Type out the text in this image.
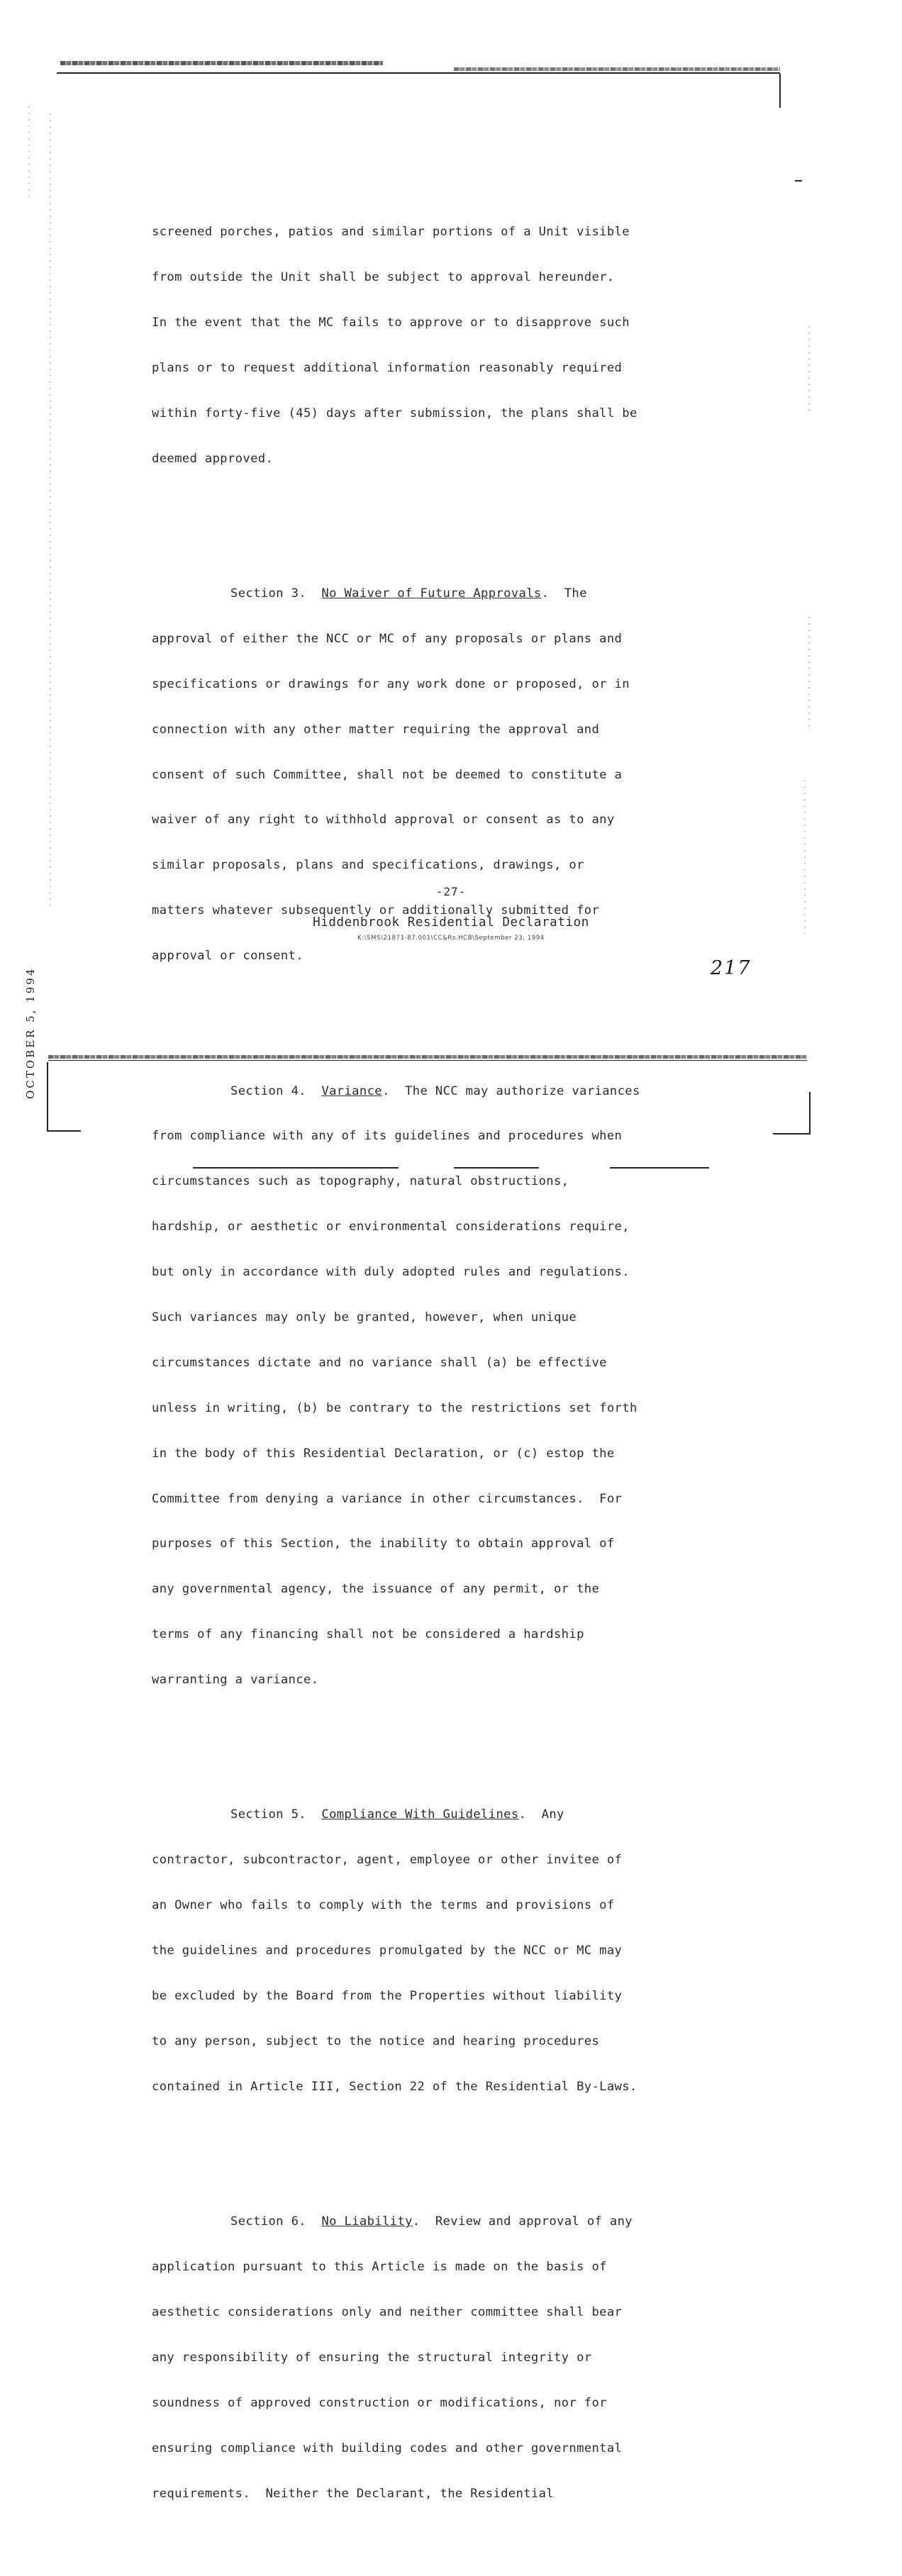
screened porches, patios and similar portions of a Unit visible

from outside the Unit shall be subject to approval hereunder.

In the event that the MC fails to approve or to disapprove such

plans or to request additional information reasonably required

within forty-five (45) days after submission, the plans shall be

deemed approved.

Section 3. No Waiver of Future Approvals.  The

approval of either the NCC or MC of any proposals or plans and

specifications or drawings for any work done or proposed, or in

connection with any other matter requiring the approval and

consent of such Committee, shall not be deemed to constitute a

waiver of any right to withhold approval or consent as to any

similar proposals, plans and specifications, drawings, or

matters whatever subsequently or additionally submitted for

approval or consent.

Section 4. Variance.  The NCC may authorize variances

from compliance with any of its guidelines and procedures when

circumstances such as topography, natural obstructions,

hardship, or aesthetic or environmental considerations require,

but only in accordance with duly adopted rules and regulations.

Such variances may only be granted, however, when unique

circumstances dictate and no variance shall (a) be effective

unless in writing, (b) be contrary to the restrictions set forth

in the body of this Residential Declaration, or (c) estop the

Committee from denying a variance in other circumstances.  For

purposes of this Section, the inability to obtain approval of

any governmental agency, the issuance of any permit, or the

terms of any financing shall not be considered a hardship

warranting a variance.

Section 5. Compliance With Guidelines.  Any

contractor, subcontractor, agent, employee or other invitee of

an Owner who fails to comply with the terms and provisions of

the guidelines and procedures promulgated by the NCC or MC may

be excluded by the Board from the Properties without liability

to any person, subject to the notice and hearing procedures

contained in Article III, Section 22 of the Residential By-Laws.

Section 6. No Liability.  Review and approval of any

application pursuant to this Article is made on the basis of

aesthetic considerations only and neither committee shall bear

any responsibility of ensuring the structural integrity or

soundness of approved construction or modifications, nor for

ensuring compliance with building codes and other governmental

requirements.  Neither the Declarant, the Residential

-27-
Hiddenbrook Residential Declaration
K:\SMS\21871-87.001\CC&Rs.HCB\September 23, 1994
217
OCTOBER 5, 1994
